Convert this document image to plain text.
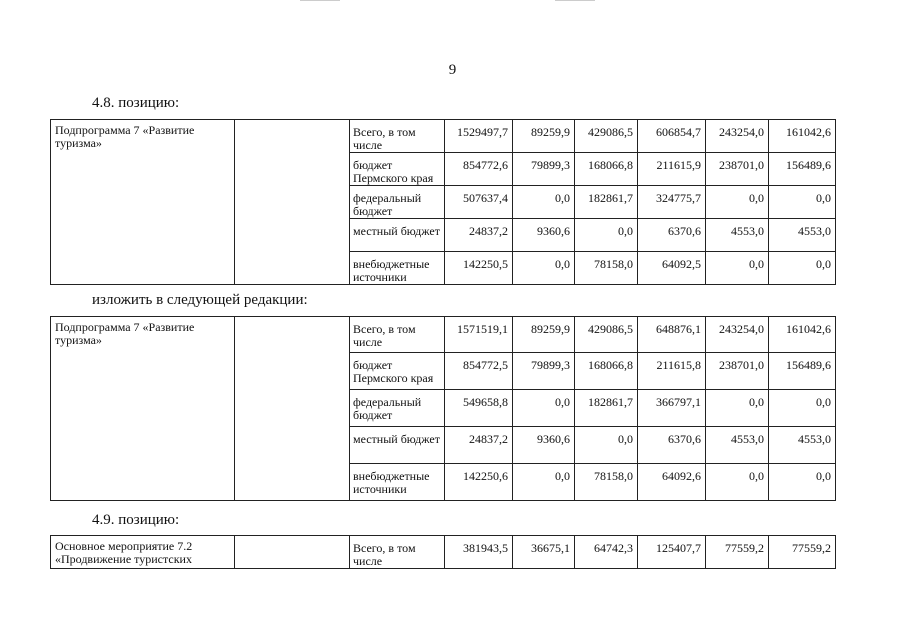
9
4.8. позицию:
Подпрограмма 7 «Развитие туризма»		Всего, в том числе	1529497,7	89259,9	429086,5	606854,7	243254,0	161042,6
		бюджет Пермского края	854772,6	79899,3	168066,8	211615,9	238701,0	156489,6
		федеральный бюджет	507637,4	0,0	182861,7	324775,7	0,0	0,0
		местный бюджет	24837,2	9360,6	0,0	6370,6	4553,0	4553,0
		внебюджетные источники	142250,5	0,0	78158,0	64092,5	0,0	0,0
изложить в следующей редакции:
Подпрограмма 7 «Развитие туризма»		Всего, в том числе	1571519,1	89259,9	429086,5	648876,1	243254,0	161042,6
		бюджет Пермского края	854772,5	79899,3	168066,8	211615,8	238701,0	156489,6
		федеральный бюджет	549658,8	0,0	182861,7	366797,1	0,0	0,0
		местный бюджет	24837,2	9360,6	0,0	6370,6	4553,0	4553,0
		внебюджетные источники	142250,6	0,0	78158,0	64092,6	0,0	0,0
4.9. позицию:
Основное мероприятие 7.2 «Продвижение туристских		Всего, в том числе	381943,5	36675,1	64742,3	125407,7	77559,2	77559,2
